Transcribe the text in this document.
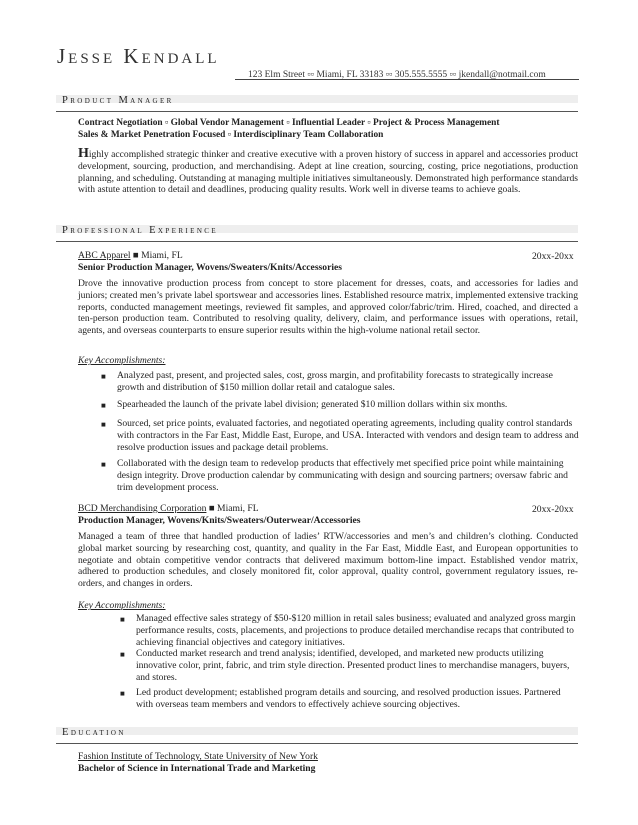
Jesse Kendall
123 Elm Street ▫▫ Miami, FL 33183 ▫▫ 305.555.5555 ▫▫ jkendall@notmail.com
Product Manager
Contract Negotiation ▫ Global Vendor Management ▫ Influential Leader ▫ Project & Process Management
Sales & Market Penetration Focused ▫ Interdisciplinary Team Collaboration
Highly accomplished strategic thinker and creative executive with a proven history of success in apparel and accessories product development, sourcing, production, and merchandising. Adept at line creation, sourcing, costing, price negotiations, production planning, and scheduling. Outstanding at managing multiple initiatives simultaneously. Demonstrated high performance standards with astute attention to detail and deadlines, producing quality results. Work well in diverse teams to achieve goals.
Professional Experience
ABC Apparel ■ Miami, FL	20xx-20xx
Senior Production Manager, Wovens/Sweaters/Knits/Accessories
Drove the innovative production process from concept to store placement for dresses, coats, and accessories for ladies and juniors; created men’s private label sportswear and accessories lines. Established resource matrix, implemented extensive tracking reports, conducted management meetings, reviewed fit samples, and approved color/fabric/trim. Hired, coached, and directed a ten-person production team. Contributed to resolving quality, delivery, claim, and performance issues with operations, retail, agents, and overseas counterparts to ensure superior results within the high-volume national retail sector.
Key Accomplishments:
■ Analyzed past, present, and projected sales, cost, gross margin, and profitability forecasts to strategically increase growth and distribution of $150 million dollar retail and catalogue sales.
■ Spearheaded the launch of the private label division; generated $10 million dollars within six months.
■ Sourced, set price points, evaluated factories, and negotiated operating agreements, including quality control standards with contractors in the Far East, Middle East, Europe, and USA. Interacted with vendors and design team to address and resolve production issues and package detail problems.
■ Collaborated with the design team to redevelop products that effectively met specified price point while maintaining design integrity. Drove production calendar by communicating with design and sourcing partners; oversaw fabric and trim development process.
BCD Merchandising Corporation ■ Miami, FL	20xx-20xx
Production Manager, Wovens/Knits/Sweaters/Outerwear/Accessories
Managed a team of three that handled production of ladies’ RTW/accessories and men’s and children’s clothing. Conducted global market sourcing by researching cost, quantity, and quality in the Far East, Middle East, and European opportunities to negotiate and obtain competitive vendor contracts that delivered maximum bottom-line impact. Established vendor matrix, adhered to production schedules, and closely monitored fit, color approval, quality control, government regulatory issues, re-orders, and changes in orders.
Key Accomplishments:
■ Managed effective sales strategy of $50-$120 million in retail sales business; evaluated and analyzed gross margin performance results, costs, placements, and projections to produce detailed merchandise recaps that contributed to achieving financial objectives and category initiatives.
■ Conducted market research and trend analysis; identified, developed, and marketed new products utilizing innovative color, print, fabric, and trim style direction. Presented product lines to merchandise managers, buyers, and stores.
■ Led product development; established program details and sourcing, and resolved production issues. Partnered with overseas team members and vendors to effectively achieve sourcing objectives.
Education
Fashion Institute of Technology, State University of New York
Bachelor of Science in International Trade and Marketing
